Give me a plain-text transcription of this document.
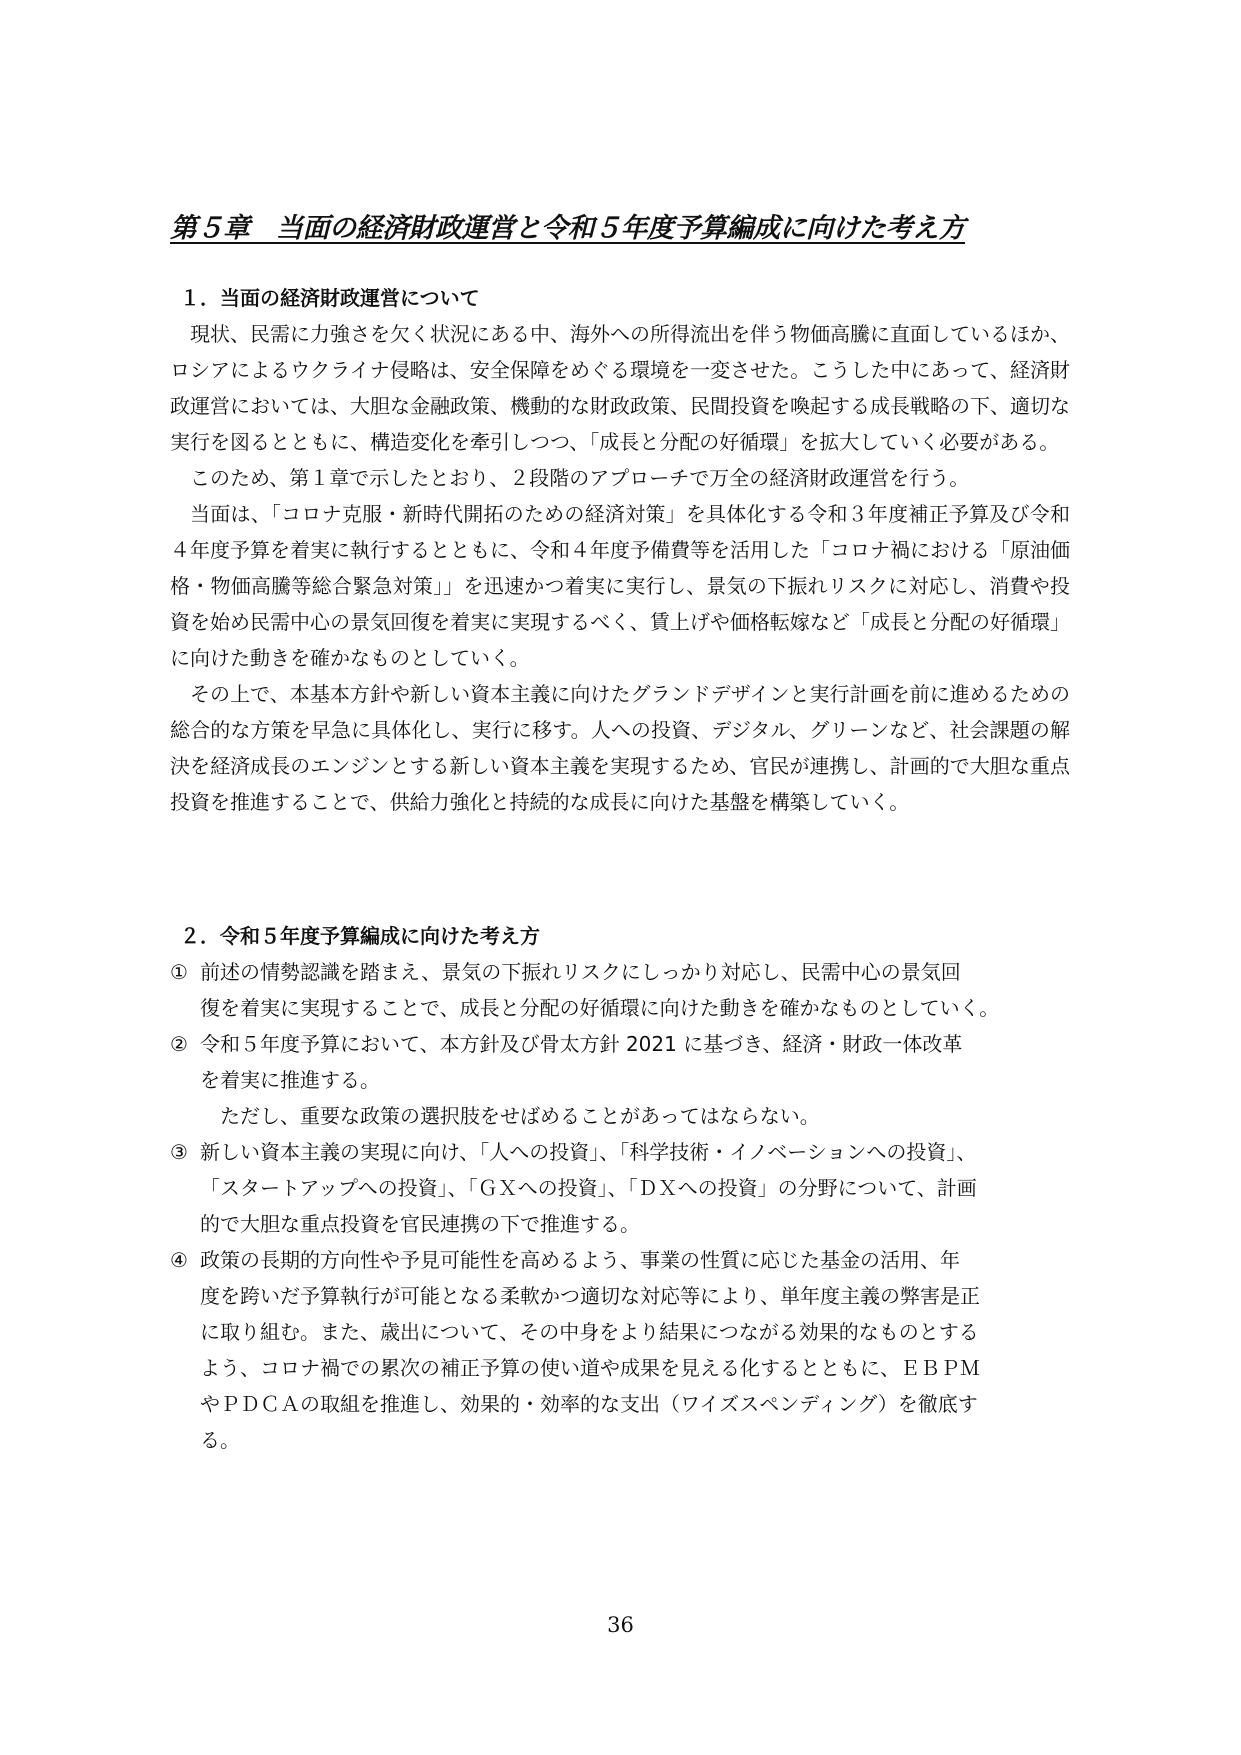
第５章　当面の経済財政運営と令和５年度予算編成に向けた考え方
１．当面の経済財政運営について

現状、民需に力強さを欠く状況にある中、海外への所得流出を伴う物価高騰に直面しているほか、ロシアによるウクライナ侵略は、安全保障をめぐる環境を一変させた。こうした中にあって、経済財政運営においては、大胆な金融政策、機動的な財政政策、民間投資を喚起する成長戦略の下、適切な実行を図るとともに、構造変化を牽引しつつ、「成長と分配の好循環」を拡大していく必要がある。

このため、第１章で示したとおり、２段階のアプローチで万全の経済財政運営を行う。

当面は、「コロナ克服・新時代開拓のための経済対策」を具体化する令和３年度補正予算及び令和４年度予算を着実に執行するとともに、令和４年度予備費等を活用した「コロナ禍における「原油価格・物価高騰等総合緊急対策」」を迅速かつ着実に実行し、景気の下振れリスクに対応し、消費や投資を始め民需中心の景気回復を着実に実現するべく、賃上げや価格転嫁など「成長と分配の好循環」に向けた動きを確かなものとしていく。

その上で、本基本方針や新しい資本主義に向けたグランドデザインと実行計画を前に進めるための総合的な方策を早急に具体化し、実行に移す。人への投資、デジタル、グリーンなど、社会課題の解決を経済成長のエンジンとする新しい資本主義を実現するため、官民が連携し、計画的で大胆な重点投資を推進することで、供給力強化と持続的な成長に向けた基盤を構築していく。

２．令和５年度予算編成に向けた考え方
① 前述の情勢認識を踏まえ、景気の下振れリスクにしっかり対応し、民需中心の景気回
復を着実に実現することで、成長と分配の好循環に向けた動きを確かなものとしていく。
② 令和５年度予算において、本方針及び骨太方針 2021 に基づき、経済・財政一体改革
を着実に推進する。
ただし、重要な政策の選択肢をせばめることがあってはならない。
③ 新しい資本主義の実現に向け、「人への投資」、「科学技術・イノベーションへの投資」、
「スタートアップへの投資」、「ＧＸへの投資」、「ＤＸへの投資」の分野について、計画
的で大胆な重点投資を官民連携の下で推進する。
④ 政策の長期的方向性や予見可能性を高めるよう、事業の性質に応じた基金の活用、年
度を跨いだ予算執行が可能となる柔軟かつ適切な対応等により、単年度主義の弊害是正
に取り組む。また、歳出について、その中身をより結果につながる効果的なものとする
よう、コロナ禍での累次の補正予算の使い道や成果を見える化するとともに、ＥＢＰＭ
やＰＤＣＡの取組を推進し、効果的・効率的な支出（ワイズスペンディング）を徹底す
る。
36
